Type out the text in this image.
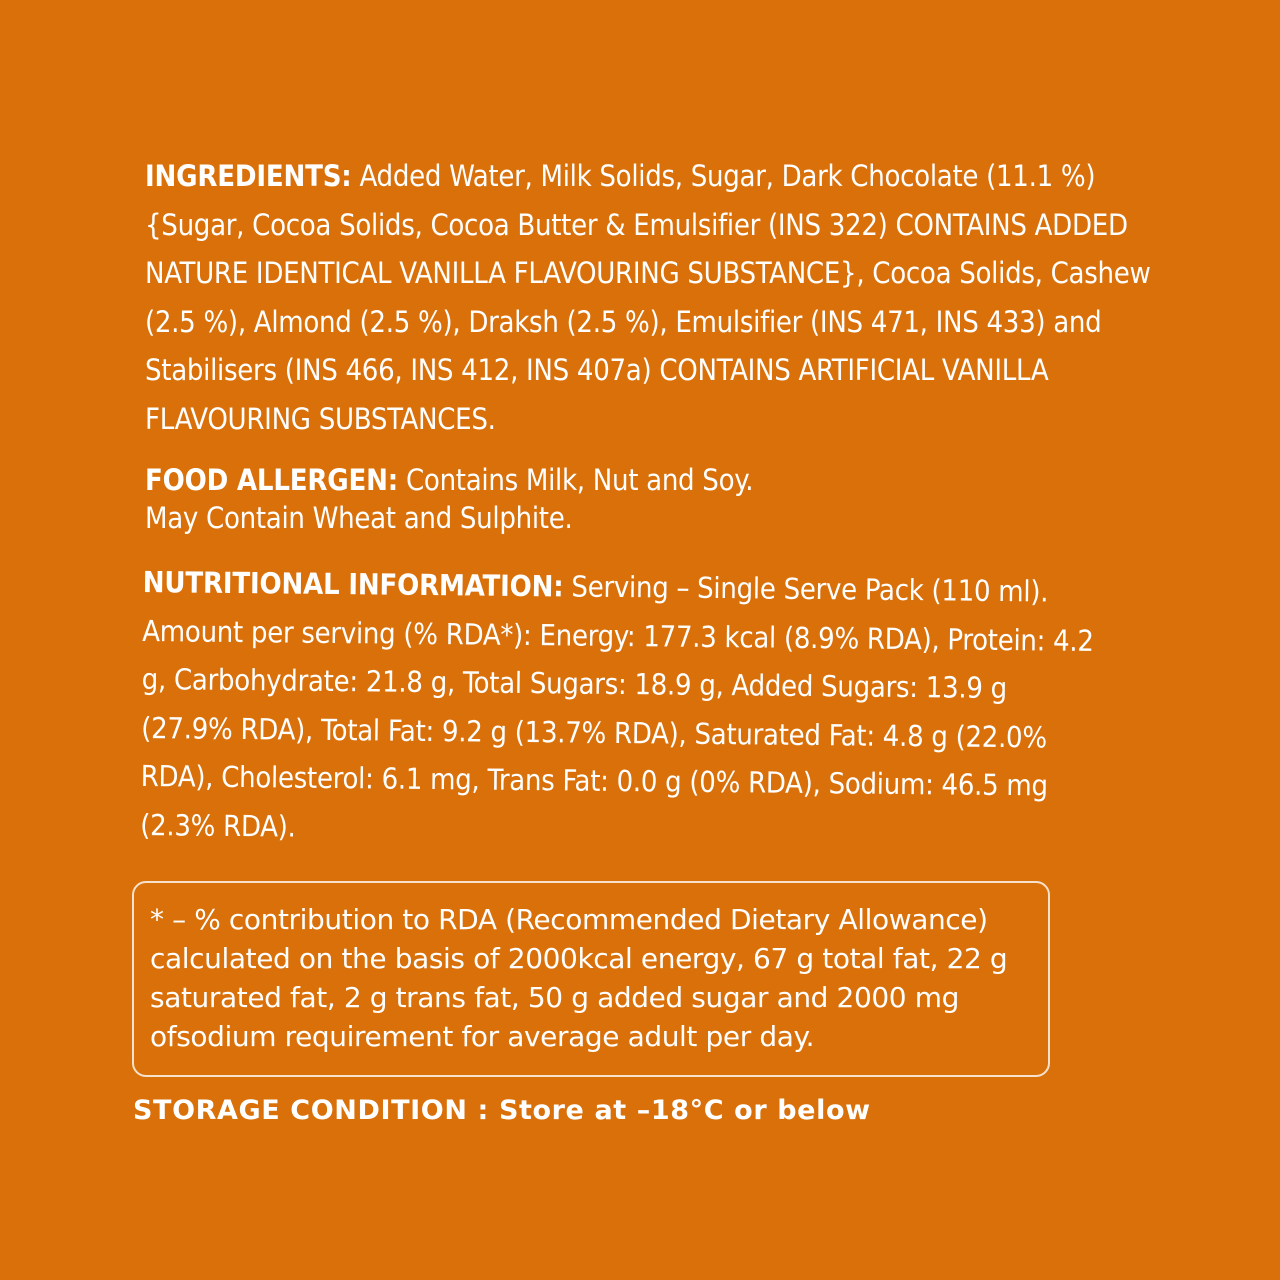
INGREDIENTS: Added Water, Milk Solids, Sugar, Dark Chocolate (11.1 %) {Sugar, Cocoa Solids, Cocoa Butter & Emulsifier (INS 322) CONTAINS ADDED NATURE IDENTICAL VANILLA FLAVOURING SUBSTANCE}, Cocoa Solids, Cashew (2.5 %), Almond (2.5 %), Draksh (2.5 %), Emulsifier (INS 471, INS 433) and Stabilisers (INS 466, INS 412, INS 407a) CONTAINS ARTIFICIAL VANILLA FLAVOURING SUBSTANCES.

FOOD ALLERGEN: Contains Milk, Nut and Soy.
May Contain Wheat and Sulphite.

NUTRITIONAL INFORMATION: Serving – Single Serve Pack (110 ml). Amount per serving (% RDA*): Energy: 177.3 kcal (8.9% RDA), Protein: 4.2 g, Carbohydrate: 21.8 g, Total Sugars: 18.9 g, Added Sugars: 13.9 g (27.9% RDA), Total Fat: 9.2 g (13.7% RDA), Saturated Fat: 4.8 g (22.0% RDA), Cholesterol: 6.1 mg, Trans Fat: 0.0 g (0% RDA), Sodium: 46.5 mg (2.3% RDA).

* – % contribution to RDA (Recommended Dietary Allowance) calculated on the basis of 2000kcal energy, 67 g total fat, 22 g saturated fat, 2 g trans fat, 50 g added sugar and 2000 mg ofsodium requirement for average adult per day.

STORAGE CONDITION : Store at –18°C or below
